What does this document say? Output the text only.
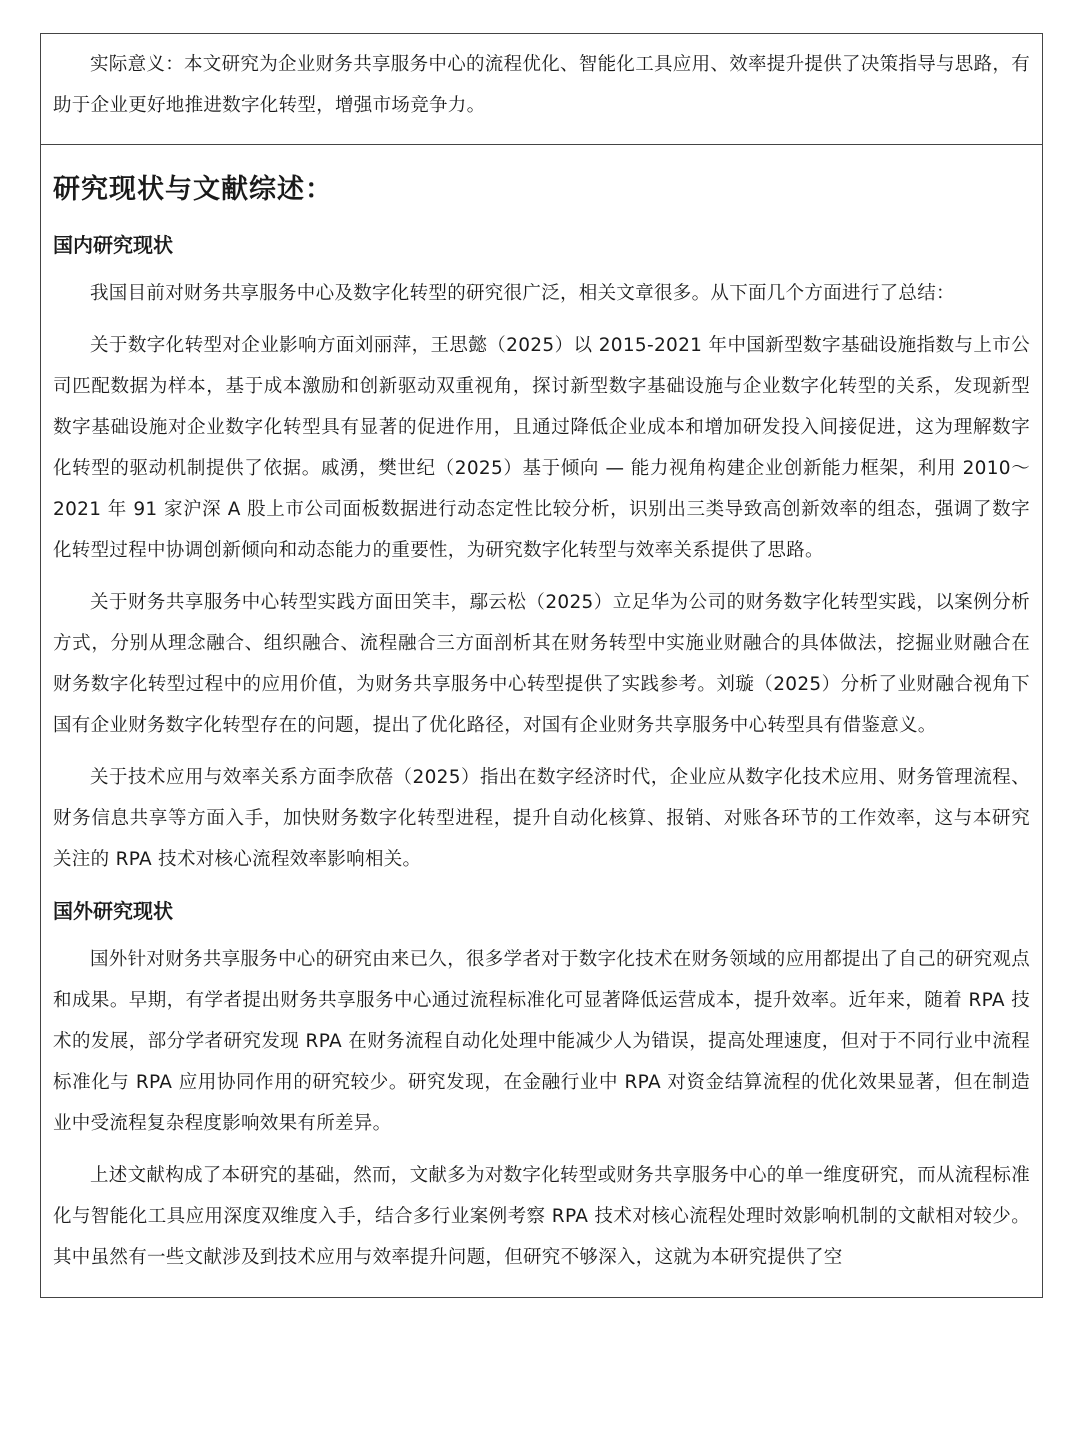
实际意义：本文研究为企业财务共享服务中心的流程优化、智能化工具应用、效率提升提供了决策指导与思路，有助于企业更好地推进数字化转型，增强市场竞争力。

研究现状与文献综述：
国内研究现状

我国目前对财务共享服务中心及数字化转型的研究很广泛，相关文章很多。从下面几个方面进行了总结：

关于数字化转型对企业影响方面刘丽萍，王思懿（2025）以 2015-2021 年中国新型数字基础设施指数与上市公司匹配数据为样本，基于成本激励和创新驱动双重视角，探讨新型数字基础设施与企业数字化转型的关系，发现新型数字基础设施对企业数字化转型具有显著的促进作用，且通过降低企业成本和增加研发投入间接促进，这为理解数字化转型的驱动机制提供了依据。戚湧，樊世纪（2025）基于倾向 — 能力视角构建企业创新能力框架，利用 2010～2021 年 91 家沪深 A 股上市公司面板数据进行动态定性比较分析，识别出三类导致高创新效率的组态，强调了数字化转型过程中协调创新倾向和动态能力的重要性，为研究数字化转型与效率关系提供了思路。

关于财务共享服务中心转型实践方面田笑丰，鄢云松（2025）立足华为公司的财务数字化转型实践，以案例分析方式，分别从理念融合、组织融合、流程融合三方面剖析其在财务转型中实施业财融合的具体做法，挖掘业财融合在财务数字化转型过程中的应用价值，为财务共享服务中心转型提供了实践参考。刘璇（2025）分析了业财融合视角下国有企业财务数字化转型存在的问题，提出了优化路径，对国有企业财务共享服务中心转型具有借鉴意义。

关于技术应用与效率关系方面李欣蓓（2025）指出在数字经济时代，企业应从数字化技术应用、财务管理流程、财务信息共享等方面入手，加快财务数字化转型进程，提升自动化核算、报销、对账各环节的工作效率，这与本研究关注的 RPA 技术对核心流程效率影响相关。

国外研究现状

国外针对财务共享服务中心的研究由来已久，很多学者对于数字化技术在财务领域的应用都提出了自己的研究观点和成果。早期，有学者提出财务共享服务中心通过流程标准化可显著降低运营成本，提升效率。近年来，随着 RPA 技术的发展，部分学者研究发现 RPA 在财务流程自动化处理中能减少人为错误，提高处理速度，但对于不同行业中流程标准化与 RPA 应用协同作用的研究较少。研究发现，在金融行业中 RPA 对资金结算流程的优化效果显著，但在制造业中受流程复杂程度影响效果有所差异。

上述文献构成了本研究的基础，然而，文献多为对数字化转型或财务共享服务中心的单一维度研究，而从流程标准化与智能化工具应用深度双维度入手，结合多行业案例考察 RPA 技术对核心流程处理时效影响机制的文献相对较少。其中虽然有一些文献涉及到技术应用与效率提升问题，但研究不够深入，这就为本研究提供了空
